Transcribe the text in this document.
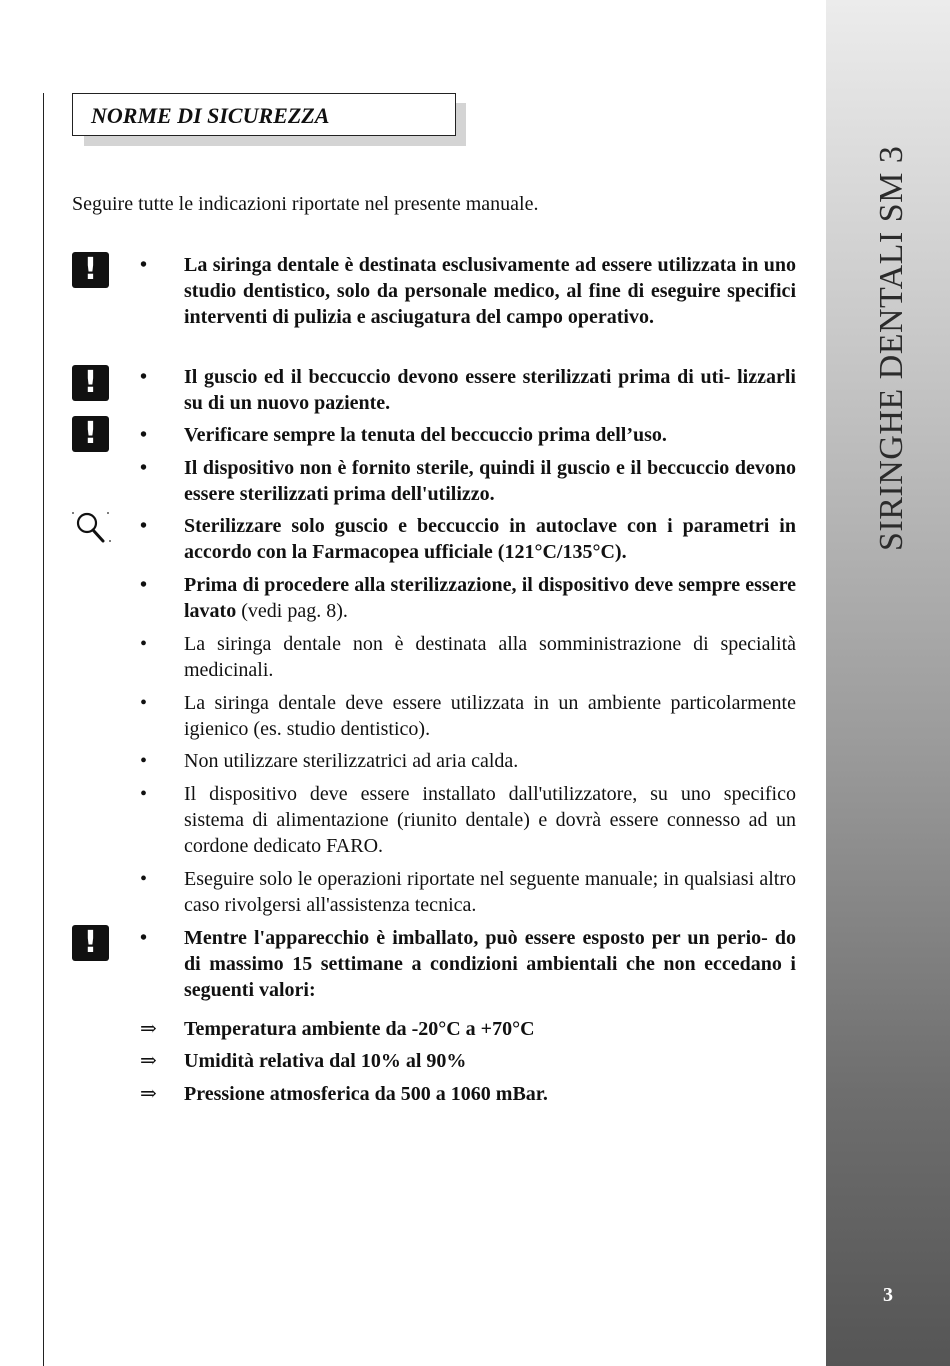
NORME DI SICUREZZA
Seguire tutte le indicazioni riportate nel presente manuale.
!
!
!
!
•	La siringa dentale è destinata esclusivamente ad essere utilizzata in uno studio dentistico, solo da personale medico, al fine di eseguire specifici interventi di pulizia e asciugatura del campo operativo.
•	Il guscio ed il beccuccio devono essere sterilizzati prima di uti- lizzarli su di un nuovo paziente.
•	Verificare sempre la tenuta del beccuccio prima dell’uso.
•	Il dispositivo non è fornito sterile, quindi il guscio e il beccuccio devono essere sterilizzati prima dell'utilizzo.
•	Sterilizzare solo guscio e beccuccio in autoclave con i parametri in accordo con la Farmacopea ufficiale (121°C/135°C).
•	Prima di procedere alla sterilizzazione, il dispositivo deve sempre essere lavato (vedi pag. 8).
•	La siringa dentale non è destinata alla somministrazione di specialità medicinali.
•	La siringa dentale deve essere utilizzata in un ambiente particolarmente igienico (es. studio dentistico).
•	Non utilizzare sterilizzatrici ad aria calda.
•	Il dispositivo deve essere installato dall'utilizzatore, su uno specifico sistema di alimentazione (riunito dentale) e dovrà essere connesso ad un cordone dedicato FARO.
•	Eseguire solo le operazioni riportate nel seguente manuale; in qualsiasi altro caso rivolgersi all'assistenza tecnica.
•	Mentre l'apparecchio è imballato, può essere esposto per un perio- do di massimo 15 settimane a condizioni ambientali che non eccedano i seguenti valori:
⇒ Temperatura ambiente da -20°C a +70°C
⇒ Umidità relativa dal 10% al 90%
⇒ Pressione atmosferica da 500 a 1060 mBar.
SIRINGHE DENTALI SM 3
3
